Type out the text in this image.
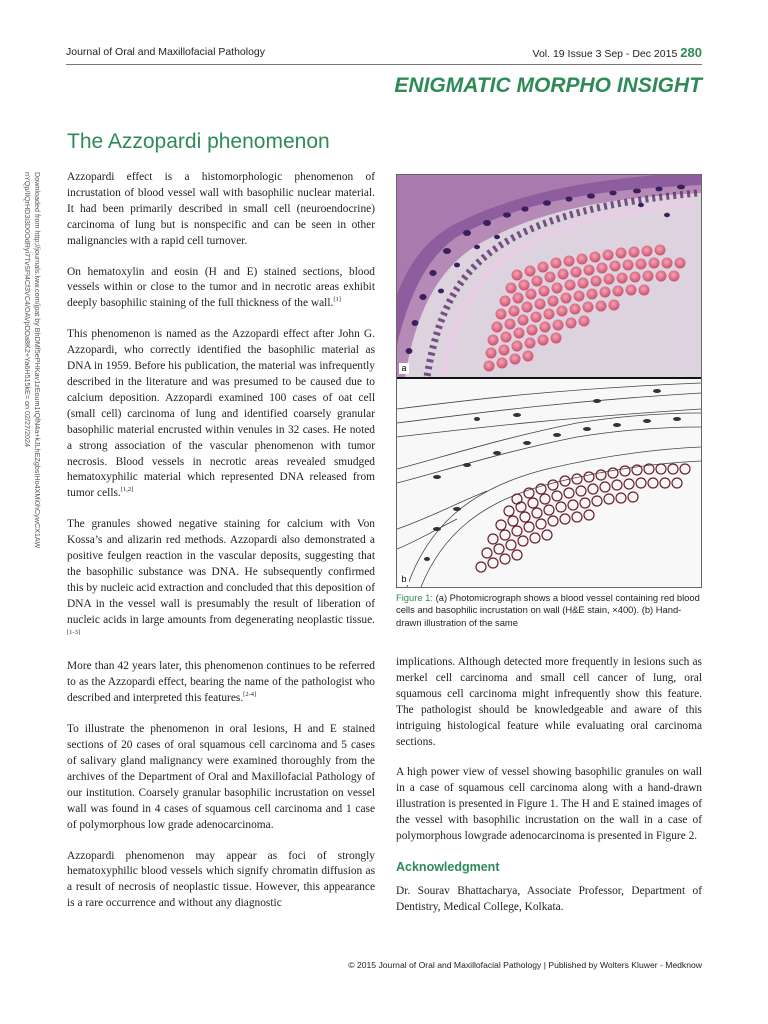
Journal of Oral and Maxillofacial Pathology	Vol. 19 Issue 3 Sep - Dec 2015 280
ENIGMATIC MORPHO INSIGHT
The Azzopardi phenomenon
Downloaded from http://journals.lww.com/jpat by BhDMf5ePHKav1zEoum1tQfN4a+kJLhEZgbsIHo4XMi0hCywCX1AW nYQp/IlQrHD3i3D0OdRyi7TvSFl4Cf3VC4/OAVpDDa8K2+Ya6H515kE= on 02/27/2024	Azzopardi effect is a histomorphologic phenomenon of incrustation of blood vessel wall with basophilic nuclear material. It had been primarily described in small cell (neuroendocrine) carcinoma of lung but is nonspecific and can be seen in other malignancies with a rapid cell turnover.

On hematoxylin and eosin (H and E) stained sections, blood vessels within or close to the tumor and in necrotic areas exhibit deeply basophilic staining of the full thickness of the wall.[1]

This phenomenon is named as the Azzopardi effect after John G. Azzopardi, who correctly identified the basophilic material as DNA in 1959. Before his publication, the material was infrequently described in the literature and was presumed to be caused due to calcium deposition. Azzopardi examined 100 cases of oat cell (small cell) carcinoma of lung and identified coarsely granular basophilic material encrusted within venules in 32 cases. He noted a strong association of the vascular phenomenon with tumor necrosis. Blood vessels in necrotic areas revealed smudged hematoxyphilic material which represented DNA released from tumor cells.[1,2]

The granules showed negative staining for calcium with Von Kossa’s and alizarin red methods. Azzopardi also demonstrated a positive feulgen reaction in the vascular deposits, suggesting that the basophilic substance was DNA. He subsequently confirmed this by nucleic acid extraction and concluded that this deposition of DNA in the vessel wall is presumably the result of liberation of nucleic acids in large amounts from degenerating neoplastic tissue.[1-3]

More than 42 years later, this phenomenon continues to be referred to as the Azzopardi effect, bearing the name of the pathologist who described and interpreted this features.[2-4]

To illustrate the phenomenon in oral lesions, H and E stained sections of 20 cases of oral squamous cell carcinoma and 5 cases of salivary gland malignancy were examined thoroughly from the archives of the Department of Oral and Maxillofacial Pathology of our institution. Coarsely granular basophilic incrustation on vessel wall was found in 4 cases of squamous cell carcinoma and 1 case of polymorphous low grade adenocarcinoma.

Azzopardi phenomenon may appear as foci of strongly hematoxyphilic blood vessels which signify chromatin diffusion as a result of necrosis of neoplastic tissue. However, this appearance is a rare occurrence and without any diagnostic

a
b
Figure 1: (a) Photomicrograph shows a blood vessel containing red blood cells and basophilic incrustation on wall (H&E stain, ×400). (b) Hand-drawn illustration of the same

implications. Although detected more frequently in lesions such as merkel cell carcinoma and small cell cancer of lung, oral squamous cell carcinoma might infrequently show this feature. The pathologist should be knowledgeable and aware of this intriguing histological feature while evaluating oral carcinoma sections.

A high power view of vessel showing basophilic granules on wall in a case of squamous cell carcinoma along with a hand-drawn illustration is presented in Figure 1. The H and E stained images of the vessel with basophilic incrustation on the wall in a case of polymorphous lowgrade adenocarcinoma is presented in Figure 2.

Acknowledgment

Dr. Sourav Bhattacharya, Associate Professor, Department of Dentistry, Medical College, Kolkata.

© 2015 Journal of Oral and Maxillofacial Pathology | Published by Wolters Kluwer - Medknow
